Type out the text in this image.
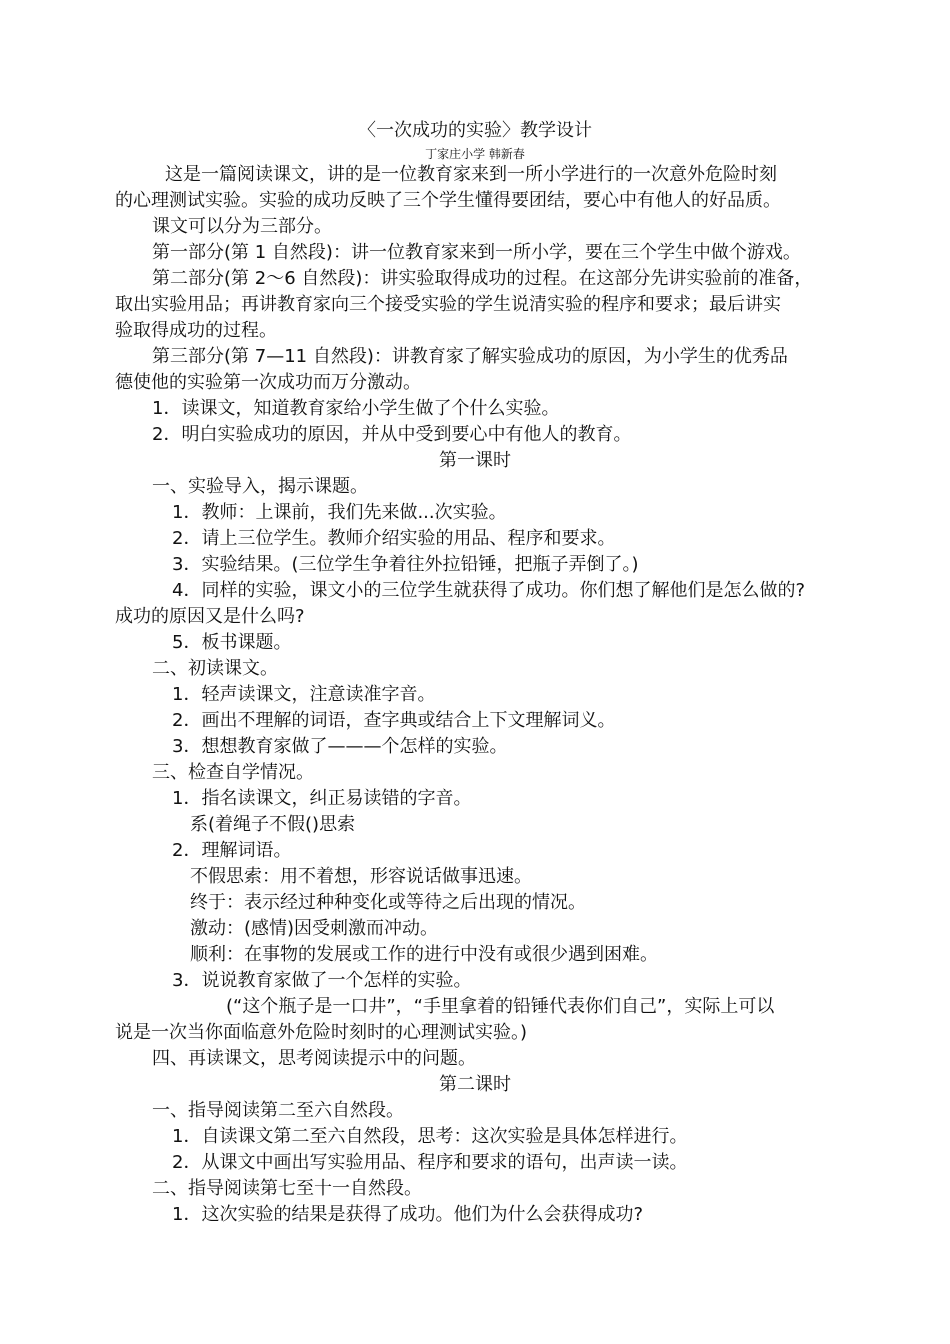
〈一次成功的实验〉教学设计
丁家庄小学 韩新春
这是一篇阅读课文，讲的是一位教育家来到一所小学进行的一次意外危险时刻
的心理测试实验。实验的成功反映了三个学生懂得要团结，要心中有他人的好品质。
课文可以分为三部分。
第一部分(第 1 自然段)：讲一位教育家来到一所小学，要在三个学生中做个游戏。
第二部分(第 2～6 自然段)：讲实验取得成功的过程。在这部分先讲实验前的准备，
取出实验用品；再讲教育家向三个接受实验的学生说清实验的程序和要求；最后讲实
验取得成功的过程。
第三部分(第 7—11 自然段)：讲教育家了解实验成功的原因，为小学生的优秀品
德使他的实验第一次成功而万分激动。
1．读课文，知道教育家给小学生做了个什么实验。
2．明白实验成功的原因，并从中受到要心中有他人的教育。
第一课时
一、实验导入，揭示课题。
1．教师：上课前，我们先来做...次实验。
2．请上三位学生。教师介绍实验的用品、程序和要求。
3．实验结果。(三位学生争着往外拉铅锤，把瓶子弄倒了。)
4．同样的实验，课文小的三位学生就获得了成功。你们想了解他们是怎么做的?
成功的原因又是什么吗?
5．板书课题。
二、初读课文。
1．轻声读课文，注意读准字音。
2．画出不理解的词语，查字典或结合上下文理解词义。
3．想想教育家做了———个怎样的实验。
三、检查自学情况。
1．指名读课文，纠正易读错的字音。
系(着绳子不假()思索
2．理解词语。
不假思索：用不着想，形容说话做事迅速。
终于：表示经过种种变化或等待之后出现的情况。
激动：(感情)因受刺激而冲动。
顺利：在事物的发展或工作的进行中没有或很少遇到困难。
3．说说教育家做了一个怎样的实验。
(“这个瓶子是一口井”，“手里拿着的铅锤代表你们自己”，实际上可以
说是一次当你面临意外危险时刻时的心理测试实验。)
四、再读课文，思考阅读提示中的问题。
第二课时
一、指导阅读第二至六自然段。
1．自读课文第二至六自然段，思考：这次实验是具体怎样进行。
2．从课文中画出写实验用品、程序和要求的语句，出声读一读。
二、指导阅读第七至十一自然段。
1．这次实验的结果是获得了成功。他们为什么会获得成功?
